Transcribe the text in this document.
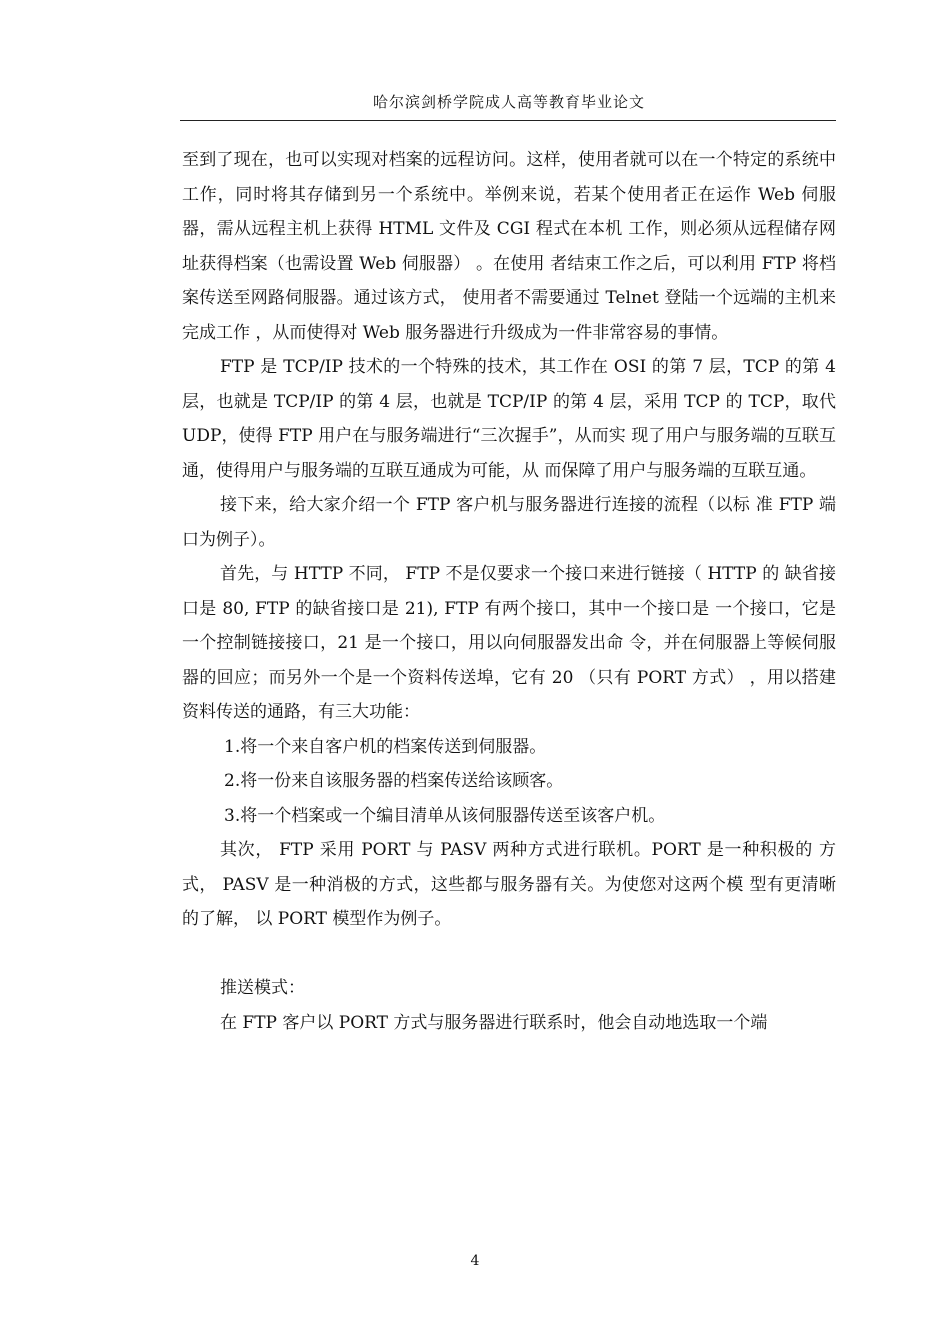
哈尔滨剑桥学院成人高等教育毕业论文

至到了现在，也可以实现对档案的远程访问。这样，使用者就可以在一个特定的系统中工作，同时将其存储到另一个系统中。举例来说，若某个使用者正在运作 Web 伺服器，需从远程主机上获得 HTML 文件及 CGI 程式在本机 工作，则必须从远程储存网址获得档案（也需设置 Web 伺服器） 。在使用 者结束工作之后，可以利用 FTP 将档案传送至网路伺服器。通过该方式， 使用者不需要通过 Telnet 登陆一个远端的主机来完成工作 ，从而使得对 Web 服务器进行升级成为一件非常容易的事情。

FTP 是 TCP/IP 技术的一个特殊的技术，其工作在 OSI 的第 7 层，TCP 的第 4 层，也就是 TCP/IP 的第 4 层，也就是 TCP/IP 的第 4 层，采用 TCP 的 TCP，取代 UDP，使得 FTP 用户在与服务端进行“三次握手”，从而实 现了用户与服务端的互联互通，使得用户与服务端的互联互通成为可能，从 而保障了用户与服务端的互联互通。

接下来，给大家介绍一个 FTP 客户机与服务器进行连接的流程（以标 准 FTP 端口为例子）。

首先，与 HTTP 不同， FTP 不是仅要求一个接口来进行链接（ HTTP 的 缺省接口是 80, FTP 的缺省接口是 21), FTP 有两个接口，其中一个接口是 一个接口，它是一个控制链接接口，21 是一个接口，用以向伺服器发出命 令，并在伺服器上等候伺服器的回应；而另外一个是一个资料传送埠，它有 20 （只有 PORT 方式） ，用以搭建资料传送的通路，有三大功能：

1.将一个来自客户机的档案传送到伺服器。

2.将一份来自该服务器的档案传送给该顾客。

3.将一个档案或一个编目清单从该伺服器传送至该客户机。

其次， FTP 采用 PORT 与 PASV 两种方式进行联机。PORT 是一种积极的 方式， PASV 是一种消极的方式，这些都与服务器有关。为使您对这两个模 型有更清晰的了解， 以 PORT 模型作为例子。

推送模式：

在 FTP 客户以 PORT 方式与服务器进行联系时，他会自动地选取一个端

4
